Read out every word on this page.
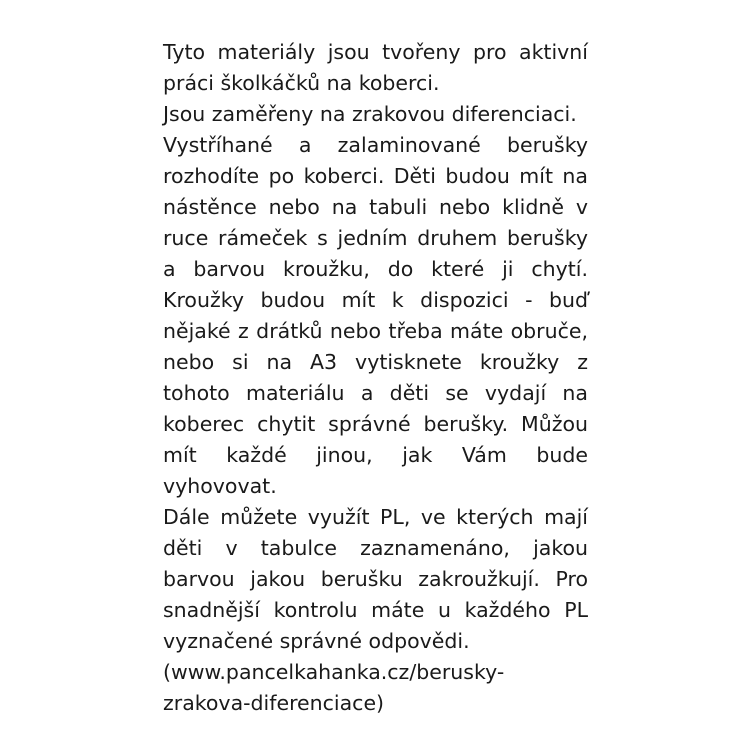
Tyto materiály jsou tvořeny pro aktivní práci školkáčků na koberci.

Jsou zaměřeny na zrakovou diferenciaci.

Vystříhané a zalaminované berušky rozhodíte po koberci. Děti budou mít na nástěnce nebo na tabuli nebo klidně v ruce rámeček s jedním druhem berušky a barvou kroužku, do které ji chytí. Kroužky budou mít k dispozici - buď nějaké z drátků nebo třeba máte obruče, nebo si na A3 vytisknete kroužky z tohoto materiálu a děti se vydají na koberec chytit správné berušky. Můžou mít každé jinou, jak Vám bude vyhovovat.

Dále můžete využít PL, ve kterých mají děti v tabulce zaznamenáno, jakou barvou jakou berušku zakroužkují. Pro snadnější kontrolu máte u každého PL vyznačené správné odpovědi.

(www.pancelkahanka.cz/berusky-zrakova-diferenciace)
